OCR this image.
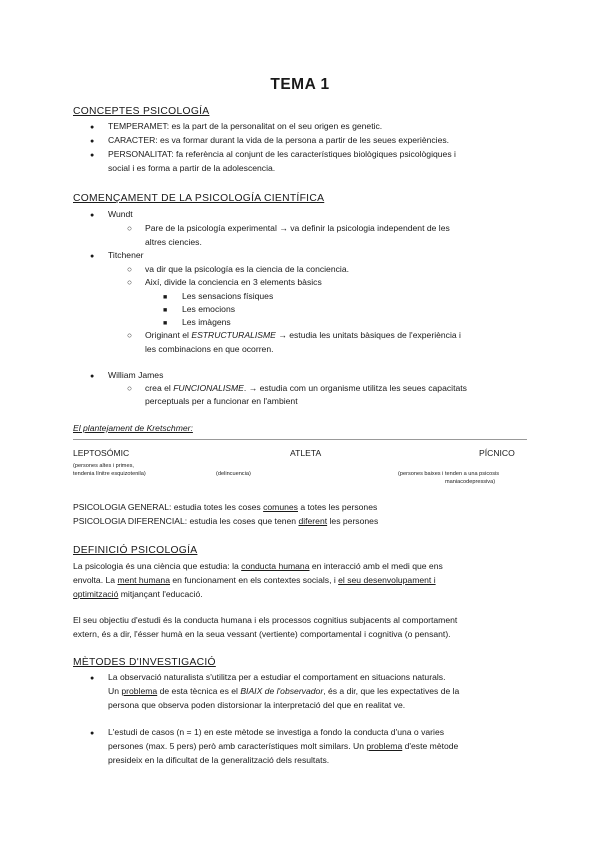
TEMA 1
CONCEPTES PSICOLOGÍA
●
TEMPERAMET: es la part de la personalitat on el seu origen es genetic.
●
CARACTER: es va formar durant la vida de la persona a partir de les seues experiències.
●
PERSONALITAT: fa referència al conjunt de les característiques biològiques psicològiques i
social i es forma a partir de la adolescencia.
COMENÇAMENT DE LA PSICOLOGÍA CIENTÍFICA
●
Wundt
○
Pare de la psicología experimental → va definir la psicologia independent de les
altres ciencies.
●
Titchener
○
va dir que la psicología es la ciencia de la conciencia.
○
Així, divide la conciencia en 3 elements bàsics
■
Les sensacions físiques
■
Les emocions
■
Les imàgens
○
Originant el ESTRUCTURALISME → estudia les unitats bàsiques de l'experiència i
les combinacions en que ocorren.
●
William James
○
crea el FUNCIONALISME. → estudia com un organisme utilitza les seues capacitats
perceptuals per a funcionar en l'ambient
El plantejament de Kretschmer:
LEPTOSÓMIC	ATLETA	PÍCNICO
(persones altes i primes,
tendenia línitre esquizotenila)	(delincuencia)	(persones baixes i tenden a una psicosis
maniacodepressiva)
PSICOLOGIA GENERAL: estudia totes les coses comunes a totes les persones
PSICOLOGIA DIFERENCIAL: estudia les coses que tenen diferent les persones
DEFINICIÓ PSICOLOGÍA
La psicologia és una ciència que estudia: la conducta humana en interacció amb el medi que ens
envolta. La ment humana en funcionament en els contextes socials, i el seu desenvolupament i
optimització mitjançant l'educació.
El seu objectiu d'estudi és la conducta humana i els processos cognitius subjacents al comportament
extern, és a dir, l'ésser humà en la seua vessant (vertiente) comportamental i cognitiva (o pensant).
MÈTODES D'INVESTIGACIÓ
●
La observació naturalista s'utilitza per a estudiar el comportament en situacions naturals.
Un problema de esta tècnica es el BIAIX de l'observador, és a dir, que les expectatives de la
persona que observa poden distorsionar la interpretació del que en realitat ve.
●
L'estudi de casos (n = 1) en este mètode se investiga a fondo la conducta d'una o varies
persones (max. 5 pers) però amb característiques molt similars. Un problema d'este mètode
presideix en la dificultat de la generalització dels resultats.
